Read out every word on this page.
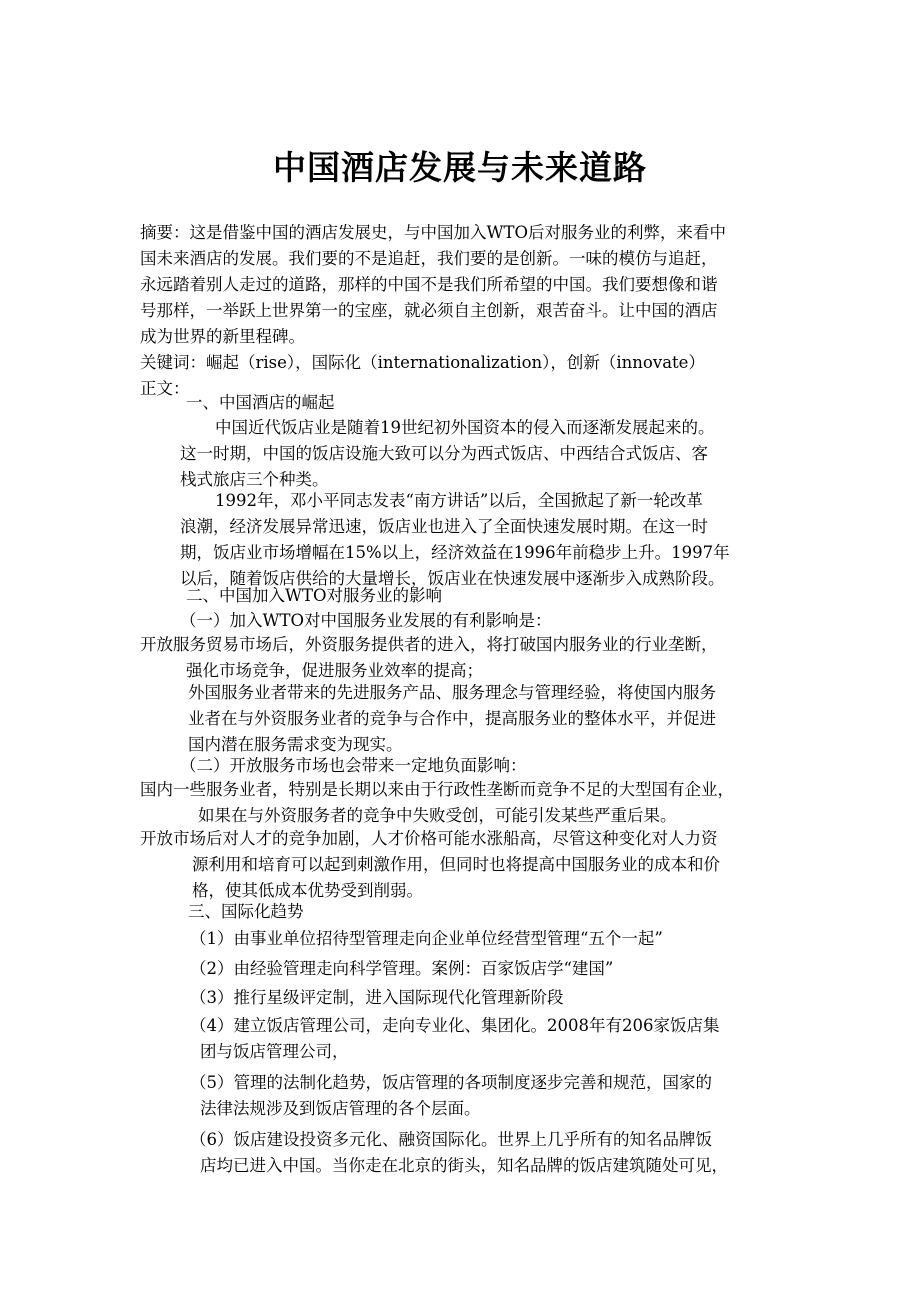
中国酒店发展与未来道路
摘要：这是借鉴中国的酒店发展史，与中国加入WTO后对服务业的利弊，来看中
国未来酒店的发展。我们要的不是追赶，我们要的是创新。一味的模仿与追赶，
永远踏着别人走过的道路，那样的中国不是我们所希望的中国。我们要想像和谐
号那样，一举跃上世界第一的宝座，就必须自主创新，艰苦奋斗。让中国的酒店
成为世界的新里程碑。
关键词：崛起（rise），国际化（internationalization），创新（innovate）
正文：
一、中国酒店的崛起
中国近代饭店业是随着19世纪初外国资本的侵入而逐渐发展起来的。
这一时期，中国的饭店设施大致可以分为西式饭店、中西结合式饭店、客
栈式旅店三个种类。
1992年，邓小平同志发表“南方讲话”以后，全国掀起了新一轮改革
浪潮，经济发展异常迅速，饭店业也进入了全面快速发展时期。在这一时
期，饭店业市场增幅在15%以上，经济效益在1996年前稳步上升。1997年
以后，随着饭店供给的大量增长，饭店业在快速发展中逐渐步入成熟阶段。
二、中国加入WTO对服务业的影响
（一）加入WTO对中国服务业发展的有利影响是：
开放服务贸易市场后，外资服务提供者的进入，将打破国内服务业的行业垄断，
强化市场竞争，促进服务业效率的提高；
外国服务业者带来的先进服务产品、服务理念与管理经验，将使国内服务
业者在与外资服务业者的竞争与合作中，提高服务业的整体水平，并促进
国内潜在服务需求变为现实。
（二）开放服务市场也会带来一定地负面影响：
国内一些服务业者，特别是长期以来由于行政性垄断而竞争不足的大型国有企业，
如果在与外资服务者的竞争中失败受创，可能引发某些严重后果。
开放市场后对人才的竞争加剧，人才价格可能水涨船高，尽管这种变化对人力资
源利用和培育可以起到刺激作用，但同时也将提高中国服务业的成本和价
格，使其低成本优势受到削弱。
三、国际化趋势
（1）由事业单位招待型管理走向企业单位经营型管理“五个一起”
（2）由经验管理走向科学管理。案例：百家饭店学“建国”
（3）推行星级评定制，进入国际现代化管理新阶段
（4）建立饭店管理公司，走向专业化、集团化。2008年有206家饭店集
团与饭店管理公司，
（5）管理的法制化趋势，饭店管理的各项制度逐步完善和规范，国家的
法律法规涉及到饭店管理的各个层面。
（6）饭店建设投资多元化、融资国际化。世界上几乎所有的知名品牌饭
店均已进入中国。当你走在北京的街头，知名品牌的饭店建筑随处可见，
